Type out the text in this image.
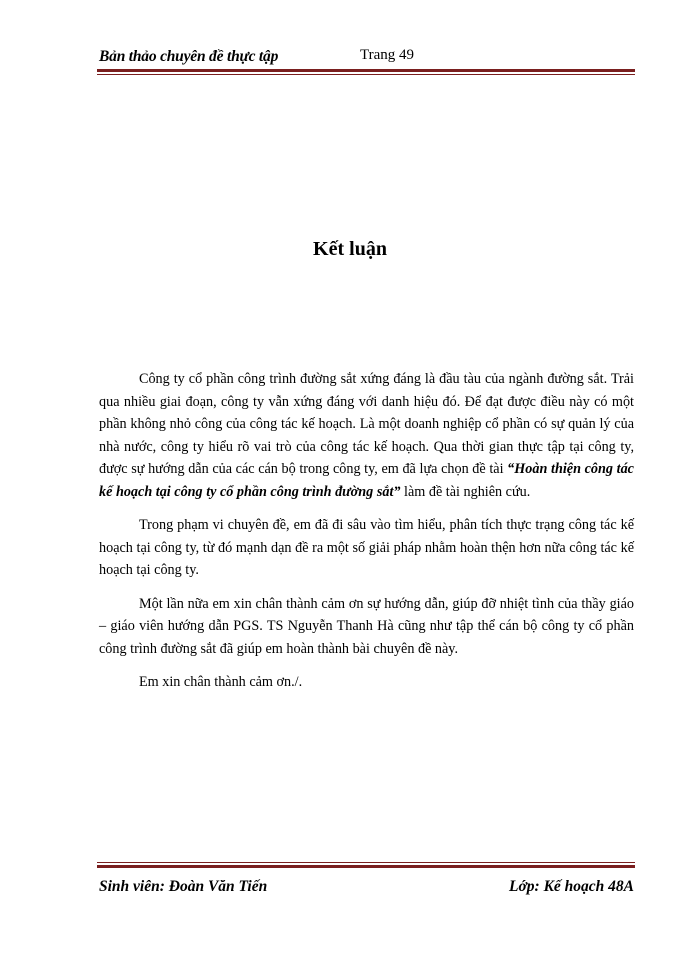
Bản thảo chuyên đề thực tập	Trang 49
Kết luận

Công ty cổ phần công trình đường sắt xứng đáng là đầu tàu của ngành đường sắt. Trải qua nhiều giai đoạn, công ty vẫn xứng đáng với danh hiệu đó. Để đạt được điều này có một phần không nhỏ công của công tác kế hoạch. Là một doanh nghiệp cổ phần có sự quản lý của nhà nước, công ty hiểu rõ vai trò của công tác kế hoạch. Qua thời gian thực tập tại công ty, được sự hướng dẫn của các cán bộ trong công ty, em đã lựa chọn đề tài “Hoàn thiện công tác kế hoạch tại công ty cổ phần công trình đường sắt” làm đề tài nghiên cứu.

Trong phạm vi chuyên đề, em đã đi sâu vào tìm hiểu, phân tích thực trạng công tác kế hoạch tại công ty, từ đó mạnh dạn đề ra một số giải pháp nhằm hoàn thện hơn nữa công tác kế hoạch tại công ty.

Một lần nữa em xin chân thành cảm ơn sự hướng dẫn, giúp đỡ nhiệt tình của thầy giáo – giáo viên hướng dẫn PGS. TS Nguyễn Thanh Hà cũng như tập thể cán bộ công ty cổ phần công trình đường sắt đã giúp em hoàn thành bài chuyên đề này.

Em xin chân thành cảm ơn./.

Sinh viên: Đoàn Văn Tiến	Lớp: Kế hoạch 48A
